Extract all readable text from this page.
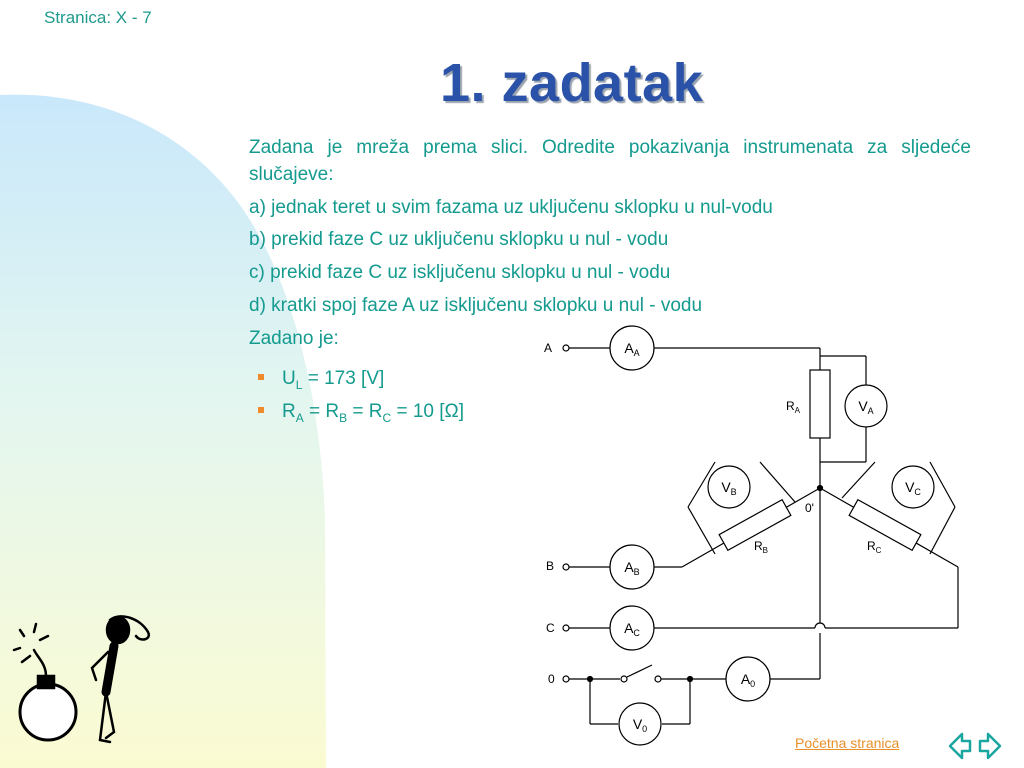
Stranica: X - 7
1. zadatak
Zadana je mreža prema slici. Odredite pokazivanja instrumenata za sljedeće slučajeve:
a) jednak teret u svim fazama uz uključenu sklopku u nul-vodu
b) prekid faze C uz uključenu sklopku u nul - vodu
c) prekid faze C uz isključenu sklopku u nul - vodu
d) kratki spoj faze A uz isključenu sklopku u nul - vodu
Zadano je:
$U_L = 173$ [V]
$R_A = R_B = R_C = 10$ [Ω]
A
B
C
0
0'
$A_A$
$A_B$
$A_C$
$A_0$
$V_A$
$V_B$	$V_C$
$V_0$
$R_A$
$R_B$	$R_C$
Početna stranica
